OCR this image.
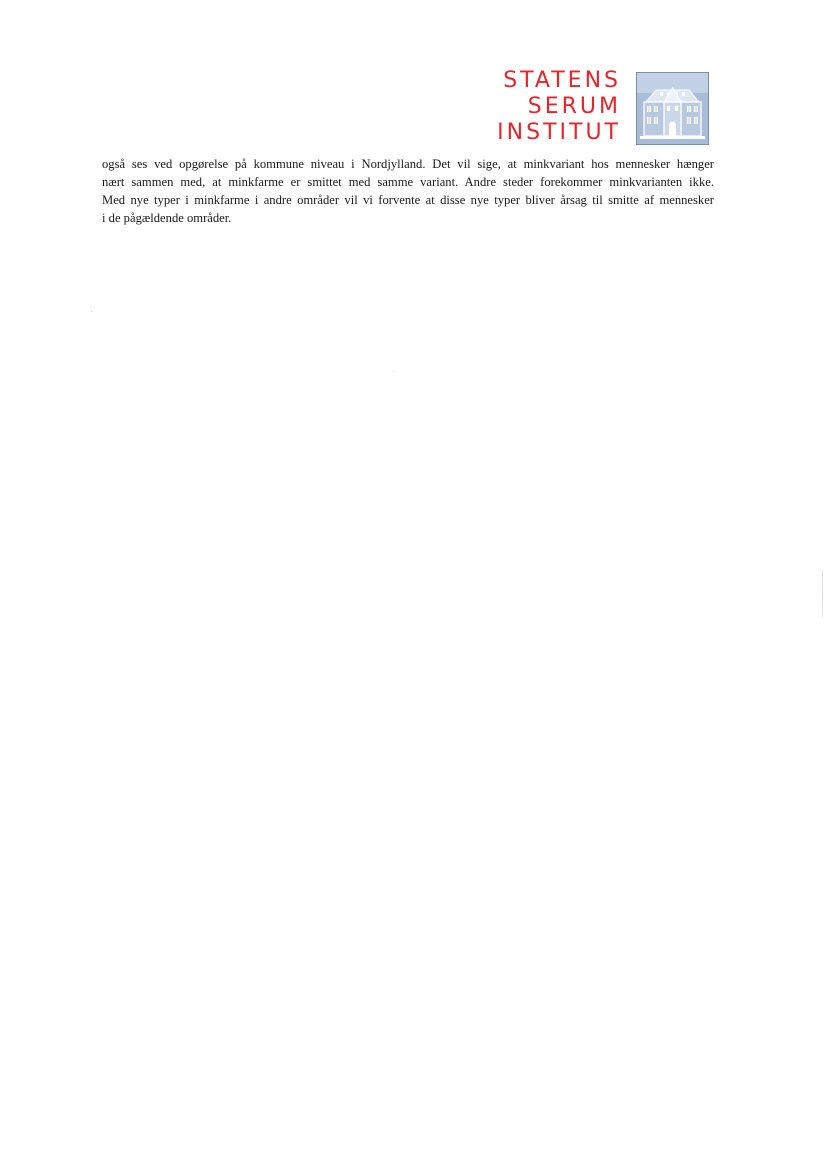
STATENS
SERUM
INSTITUT
også ses ved opgørelse på kommune niveau i Nordjylland. Det vil sige, at minkvariant hos mennesker hænger
nært sammen med, at minkfarme er smittet med samme variant. Andre steder forekommer minkvarianten ikke.
Med nye typer i minkfarme i andre områder vil vi forvente at disse nye typer bliver årsag til smitte af mennesker
i de pågældende områder.
